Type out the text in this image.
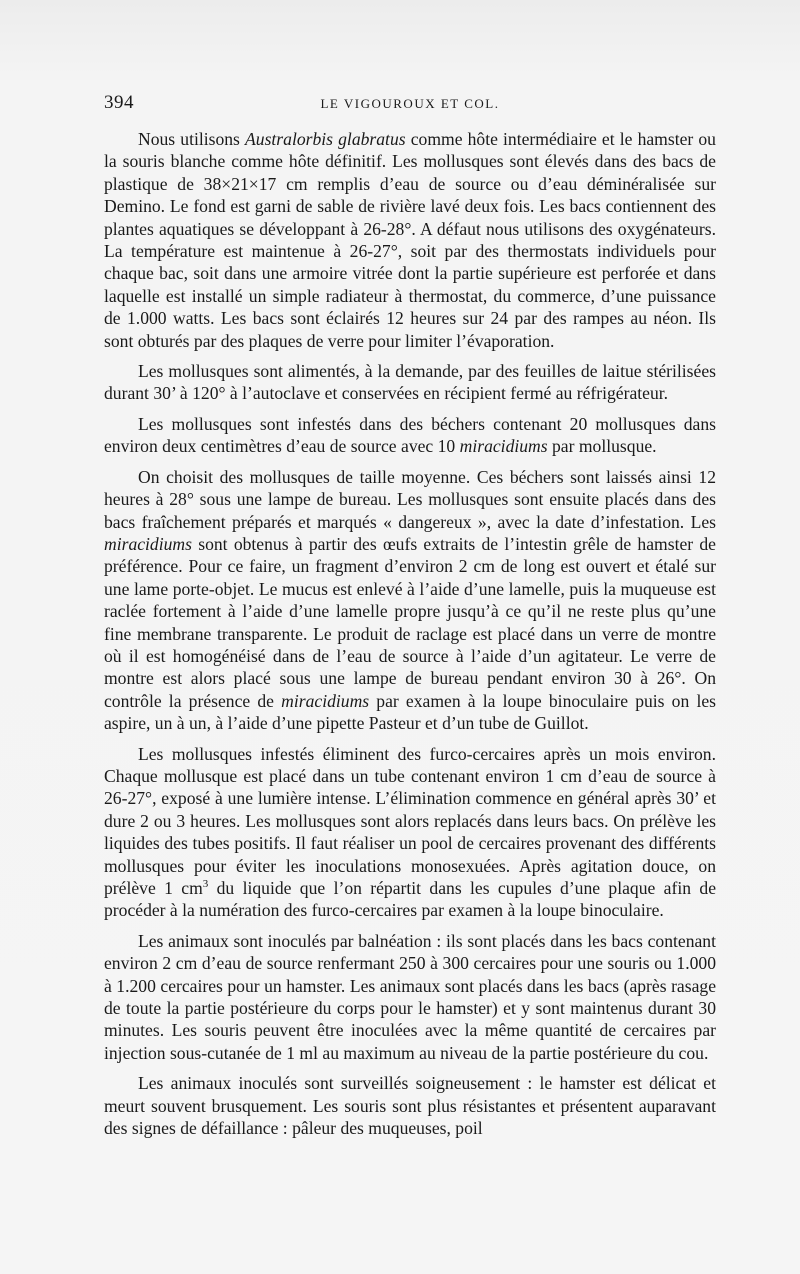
394	LE VIGOUROUX ET COL.

Nous utilisons Australorbis glabratus comme hôte intermédiaire et le hamster ou la souris blanche comme hôte définitif. Les mollusques sont élevés dans des bacs de plastique de 38×21×17 cm remplis d’eau de source ou d’eau déminéralisée sur Demino. Le fond est garni de sable de rivière lavé deux fois. Les bacs contiennent des plantes aquatiques se développant à 26-28°. A défaut nous utilisons des oxygénateurs. La température est maintenue à 26-27°, soit par des thermostats individuels pour chaque bac, soit dans une armoire vitrée dont la partie supérieure est perforée et dans laquelle est installé un simple radiateur à thermostat, du commerce, d’une puissance de 1.000 watts. Les bacs sont éclairés 12 heures sur 24 par des rampes au néon. Ils sont obturés par des plaques de verre pour limiter l’évaporation.

Les mollusques sont alimentés, à la demande, par des feuilles de laitue stérilisées durant 30’ à 120° à l’autoclave et conservées en récipient fermé au réfrigérateur.

Les mollusques sont infestés dans des béchers contenant 20 mollusques dans environ deux centimètres d’eau de source avec 10 miracidiums par mollusque.

On choisit des mollusques de taille moyenne. Ces béchers sont laissés ainsi 12 heures à 28° sous une lampe de bureau. Les mollusques sont ensuite placés dans des bacs fraîchement préparés et marqués « dangereux », avec la date d’infestation. Les miracidiums sont obtenus à partir des œufs extraits de l’intestin grêle de hamster de préférence. Pour ce faire, un fragment d’environ 2 cm de long est ouvert et étalé sur une lame porte-objet. Le mucus est enlevé à l’aide d’une lamelle, puis la muqueuse est raclée fortement à l’aide d’une lamelle propre jusqu’à ce qu’il ne reste plus qu’une fine membrane transparente. Le produit de raclage est placé dans un verre de montre où il est homogénéisé dans de l’eau de source à l’aide d’un agitateur. Le verre de montre est alors placé sous une lampe de bureau pendant environ 30 à 26°. On contrôle la présence de miracidiums par examen à la loupe binoculaire puis on les aspire, un à un, à l’aide d’une pipette Pasteur et d’un tube de Guillot.

Les mollusques infestés éliminent des furco-cercaires après un mois environ. Chaque mollusque est placé dans un tube contenant environ 1 cm d’eau de source à 26-27°, exposé à une lumière intense. L’élimination commence en général après 30’ et dure 2 ou 3 heures. Les mollusques sont alors replacés dans leurs bacs. On prélève les liquides des tubes positifs. Il faut réaliser un pool de cercaires provenant des différents mollusques pour éviter les inoculations monosexuées. Après agitation douce, on prélève 1 $cm^3$ du liquide que l’on répartit dans les cupules d’une plaque afin de procéder à la numération des furco-cercaires par examen à la loupe binoculaire.

Les animaux sont inoculés par balnéation : ils sont placés dans les bacs contenant environ 2 cm d’eau de source renfermant 250 à 300 cercaires pour une souris ou 1.000 à 1.200 cercaires pour un hamster. Les animaux sont placés dans les bacs (après rasage de toute la partie postérieure du corps pour le hamster) et y sont maintenus durant 30 minutes. Les souris peuvent être inoculées avec la même quantité de cercaires par injection sous-cutanée de 1 ml au maximum au niveau de la partie postérieure du cou.

Les animaux inoculés sont surveillés soigneusement : le hamster est délicat et meurt souvent brusquement. Les souris sont plus résistantes et présentent auparavant des signes de défaillance : pâleur des muqueuses, poil
